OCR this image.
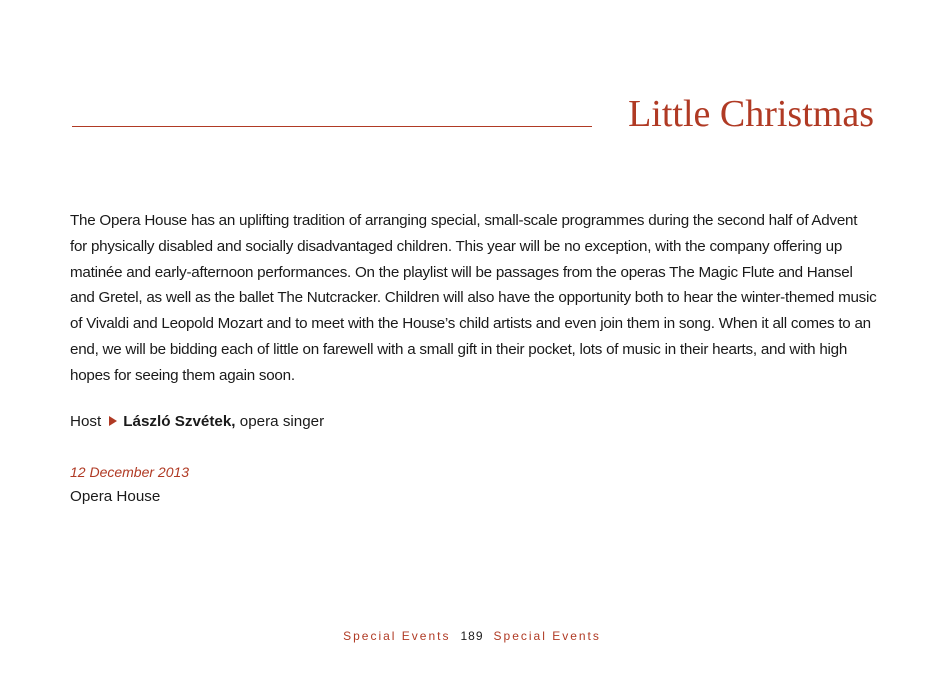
Little Christmas

The Opera House has an uplifting tradition of arranging special, small-scale programmes during the second half of Advent for physically disabled and socially disadvantaged children. This year will be no exception, with the company offering up matinée and early-afternoon performances. On the playlist will be passages from the operas The Magic Flute and Hansel and Gretel, as well as the ballet The Nutcracker. Children will also have the opportunity both to hear the winter-themed music of Vivaldi and Leopold Mozart and to meet with the House’s child artists and even join them in song. When it all comes to an end, we will be bidding each of little on farewell with a small gift in their pocket, lots of music in their hearts, and with high hopes for seeing them again soon.

Host László Szvétek, opera singer
12 December 2013
Opera House
Special Events 189 Special Events
